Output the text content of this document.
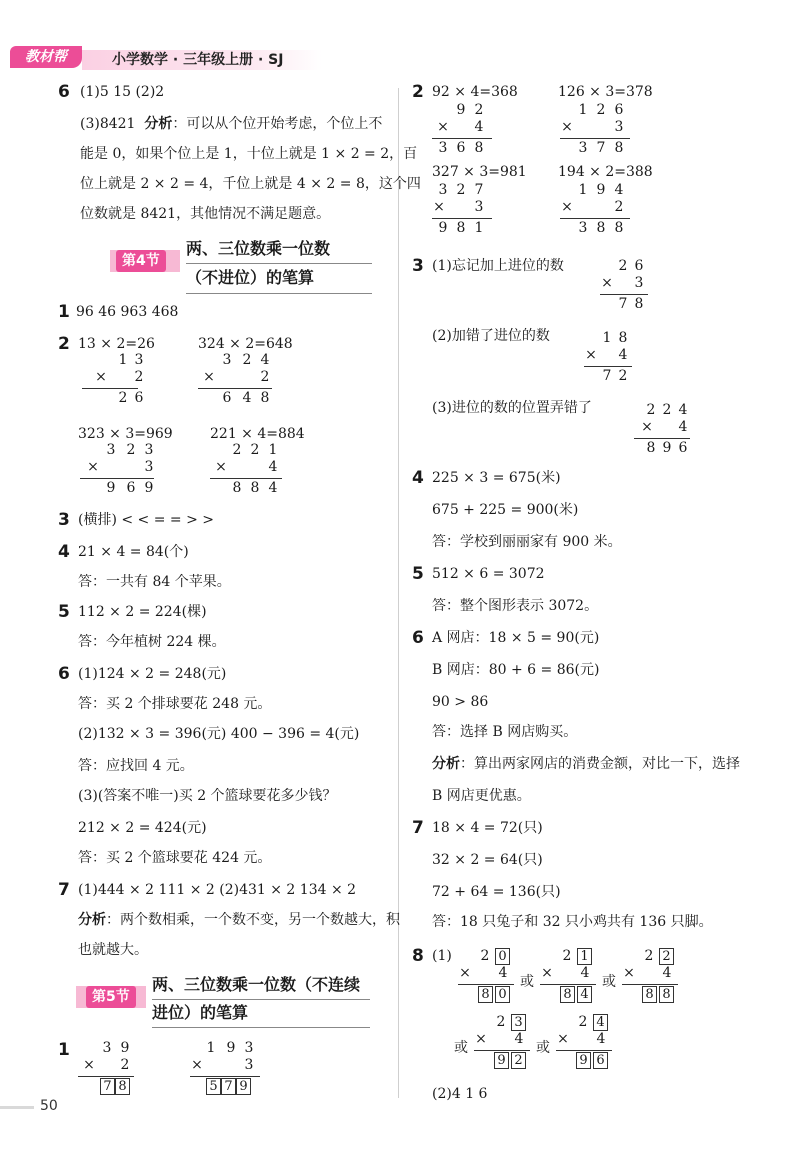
教材帮	小学数学 · 三年级上册 · SJ
6 (1)5 15 (2)2
(3)8421 分析：可以从个位开始考虑，个位上不
能是 0，如果个位上是 1，十位上就是 1 × 2 = 2，百
位上就是 2 × 2 = 4，千位上就是 4 × 2 = 8，这个四
位数就是 8421，其他情况不满足题意。
第4节
两、三位数乘一位数
（不进位）的笔算
1 96 46 963 468
2 13 × 2=26	324 × 2=648
323 × 3=969	221 × 4=884
1 3
× 2
2 6
3 2 4
×	2
6 4 8
3 2 3
×	3
9 6 9
2 2 1
×	4
8 8 4
3 (横排) < < = = > >
4 21 × 4 = 84(个)
答：一共有 84 个苹果。
5 112 × 2 = 224(棵)
答：今年植树 224 棵。
6 (1)124 × 2 = 248(元)
答：买 2 个排球要花 248 元。
(2)132 × 3 = 396(元) 400 − 396 = 4(元)
答：应找回 4 元。
(3)(答案不唯一)买 2 个篮球要花多少钱？
212 × 2 = 424(元)
答：买 2 个篮球要花 424 元。
7 (1)444 × 2 111 × 2 (2)431 × 2 134 × 2
分析：两个数相乘，一个数不变，另一个数越大，积
也就越大。
第5节
两、三位数乘一位数（不连续
进位）的笔算
1 3 9
× 2
7 8
1 9 3
×	3
5 7 9
2 92 × 4=368	126 × 3=378
9 2
× 4
3 6 8
1 2 6
×	3
3 7 8
327 × 3=981 194 × 2=388
3 2 7
× 3
9 8 1
1 9 4
×	2
3 8 8
3 (1)忘记加上进位的数	2 6
× 3
7 8
(2)加错了进位的数	1 8
× 4
7 2
(3)进位的数的位置弄错了	2 2 4
× 4
8 9 6
4 225 × 3 = 675(米)
675 + 225 = 900(米)
答：学校到丽丽家有 900 米。
5 512 × 6 = 3072
答：整个图形表示 3072。
6 A 网店：18 × 5 = 90(元)
B 网店：80 + 6 = 86(元)
90 > 86
答：选择 B 网店购买。
分析：算出两家网店的消费金额，对比一下，选择
B 网店更优惠。
7 18 × 4 = 72(只)
32 × 2 = 64(只)
72 + 64 = 136(只)
答：18 只兔子和 32 只小鸡共有 136 只脚。
8 (1) 2 0
× 4
8 0
或
2 1
× 4
8 4
或
2 2
× 4
8 8
或
2 3
× 4
9 2
或
2 4
× 4
9 6
(2)4 1 6
50
